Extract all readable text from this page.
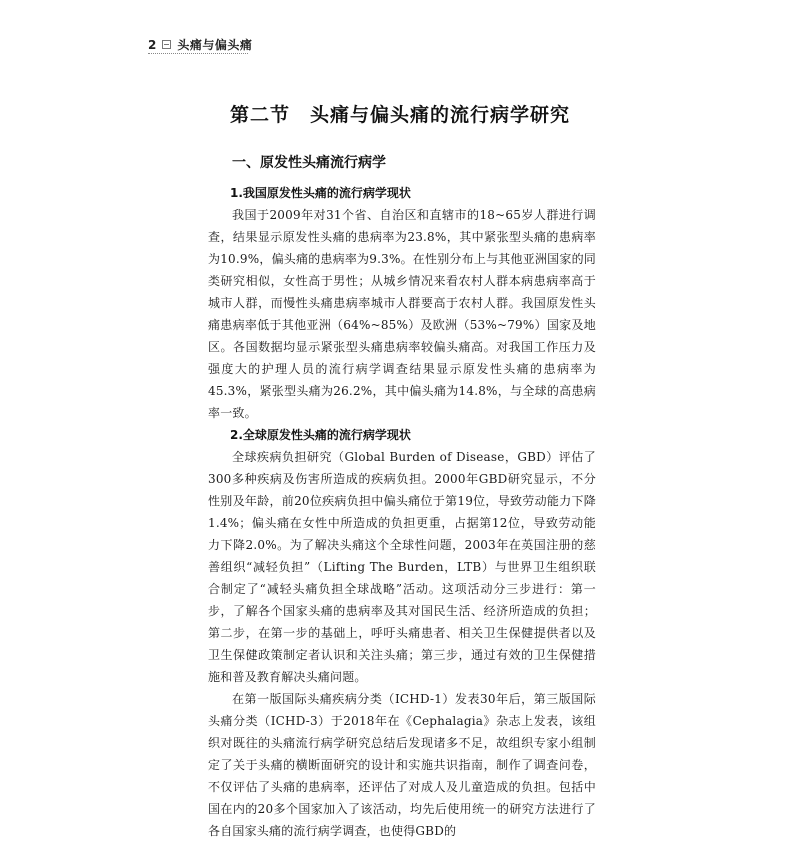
2 头痛与偏头痛
第二节　头痛与偏头痛的流行病学研究
一、原发性头痛流行病学

1.我国原发性头痛的流行病学现状

我国于2009年对31个省、自治区和直辖市的18~65岁人群进行调查，结果显示原发性头痛的患病率为23.8%，其中紧张型头痛的患病率为10.9%，偏头痛的患病率为9.3%。在性别分布上与其他亚洲国家的同类研究相似，女性高于男性；从城乡情况来看农村人群本病患病率高于城市人群，而慢性头痛患病率城市人群要高于农村人群。我国原发性头痛患病率低于其他亚洲（64%~85%）及欧洲（53%~79%）国家及地区。各国数据均显示紧张型头痛患病率较偏头痛高。对我国工作压力及强度大的护理人员的流行病学调查结果显示原发性头痛的患病率为45.3%，紧张型头痛为26.2%，其中偏头痛为14.8%，与全球的高患病率一致。

2.全球原发性头痛的流行病学现状

全球疾病负担研究（Global Burden of Disease，GBD）评估了300多种疾病及伤害所造成的疾病负担。2000年GBD研究显示，不分性别及年龄，前20位疾病负担中偏头痛位于第19位，导致劳动能力下降1.4%；偏头痛在女性中所造成的负担更重，占据第12位，导致劳动能力下降2.0%。为了解决头痛这个全球性问题，2003年在英国注册的慈善组织“减轻负担”（Lifting The Burden，LTB）与世界卫生组织联合制定了“减轻头痛负担全球战略”活动。这项活动分三步进行：第一步，了解各个国家头痛的患病率及其对国民生活、经济所造成的负担；第二步，在第一步的基础上，呼吁头痛患者、相关卫生保健提供者以及卫生保健政策制定者认识和关注头痛；第三步，通过有效的卫生保健措施和普及教育解决头痛问题。

在第一版国际头痛疾病分类（ICHD-1）发表30年后，第三版国际头痛分类（ICHD-3）于2018年在《Cephalagia》杂志上发表，该组织对既往的头痛流行病学研究总结后发现诸多不足，故组织专家小组制定了关于头痛的横断面研究的设计和实施共识指南，制作了调查问卷，不仅评估了头痛的患病率，还评估了对成人及儿童造成的负担。包括中国在内的20多个国家加入了该活动，均先后使用统一的研究方法进行了各自国家头痛的流行病学调查，也使得GBD的
